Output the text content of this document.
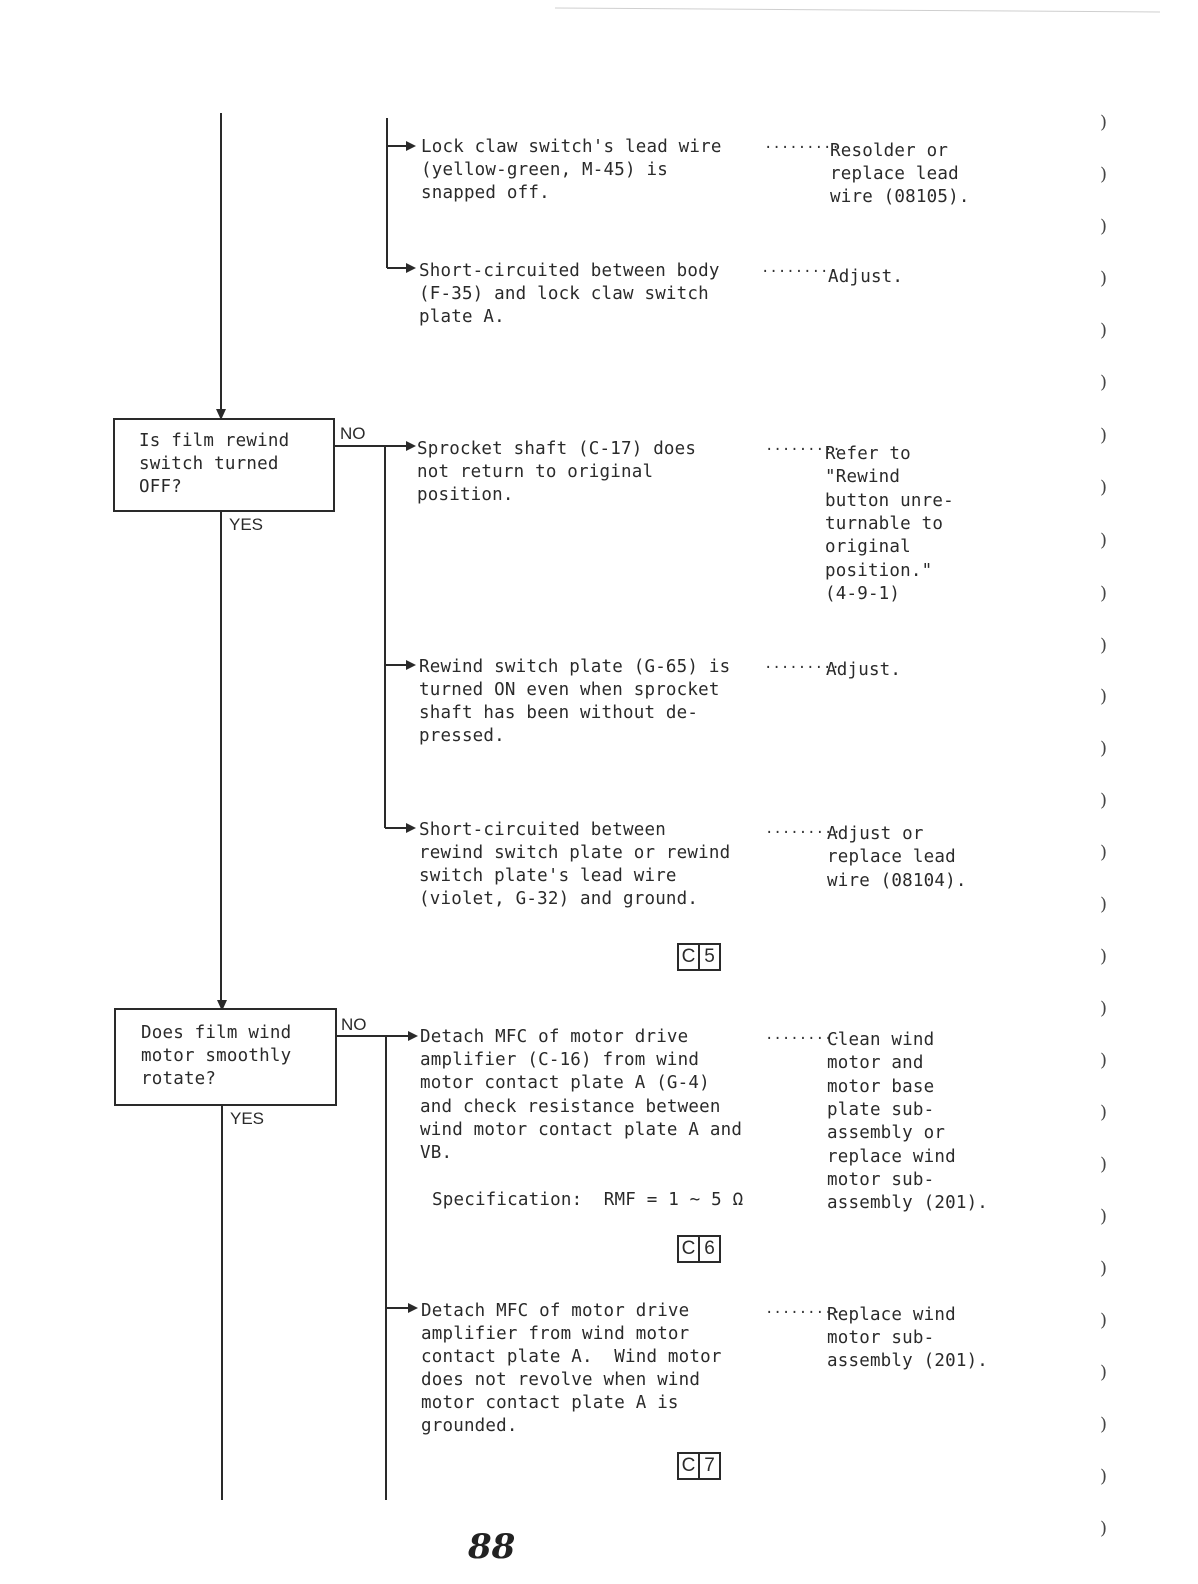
Is film rewind
switch turned
OFF?
NO
YES
Does film wind
motor smoothly
rotate?
NO
YES
Lock claw switch's lead wire
(yellow-green, M-45) is
snapped off.
·········
Resolder or
replace lead
wire (08105).
Short-circuited between body
(F-35) and lock claw switch
plate A.
·········
Adjust.
Sprocket shaft (C-17) does
not return to original
position.
·········
Refer to
"Rewind
button unre-
turnable to
original
position."
(4-9-1)
Rewind switch plate (G-65) is
turned ON even when sprocket
shaft has been without de-
pressed.
·········
Adjust.
Short-circuited between
rewind switch plate or rewind
switch plate's lead wire
(violet, G-32) and ground.
·········
Adjust or
replace lead
wire (08104).
Detach MFC of motor drive
amplifier (C-16) from wind
motor contact plate A (G-4)
and check resistance between
wind motor contact plate A and
VB.
·········
Clean wind
motor and
motor base
plate sub-
assembly or
replace wind
motor sub-
assembly (201).
Specification:  RMF = 1 ~ 5 Ω
Detach MFC of motor drive
amplifier from wind motor
contact plate A.  Wind motor
does not revolve when wind
motor contact plate A is
grounded.
·········
Replace wind
motor sub-
assembly (201).
C 5
C 6
C 7
)
)
)
)
)
)
)
)
)
)
)
)
)
)
)
)
)
)
)
)
)
)
)
)
)
)
)
)
88
